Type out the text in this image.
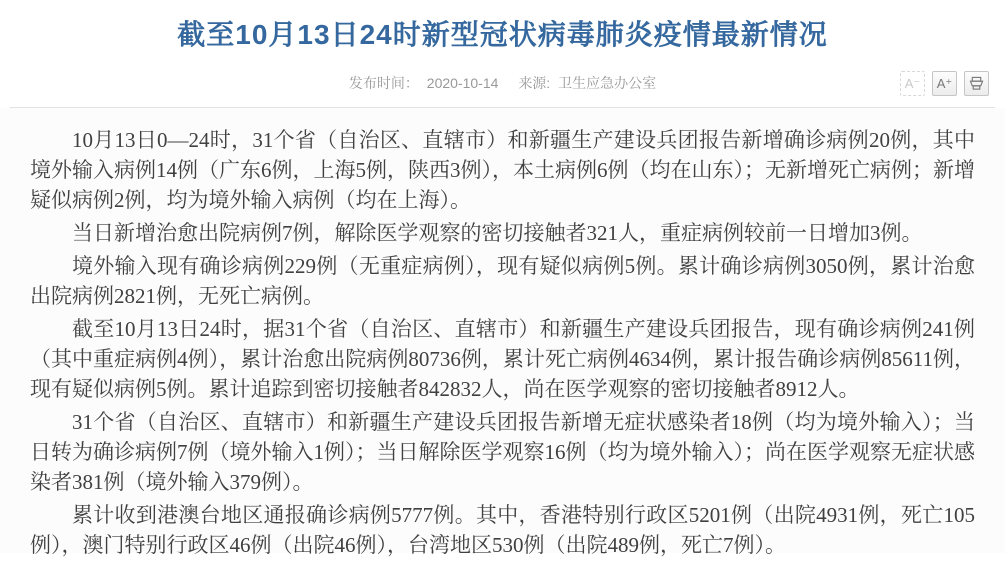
截至10月13日24时新型冠状病毒肺炎疫情最新情况
发布时间： 2020-10-14 来源: 卫生应急办公室	A⁻	A⁺

10月13日0—24时，31个省（自治区、直辖市）和新疆生产建设兵团报告新增确诊病例20例，其中境外输入病例14例（广东6例，上海5例，陕西3例），本土病例6例（均在山东）；无新增死亡病例；新增疑似病例2例，均为境外输入病例（均在上海）。

当日新增治愈出院病例7例，解除医学观察的密切接触者321人，重症病例较前一日增加3例。

境外输入现有确诊病例229例（无重症病例），现有疑似病例5例。累计确诊病例3050例，累计治愈出院病例2821例，无死亡病例。

截至10月13日24时，据31个省（自治区、直辖市）和新疆生产建设兵团报告，现有确诊病例241例（其中重症病例4例），累计治愈出院病例80736例，累计死亡病例4634例，累计报告确诊病例85611例，现有疑似病例5例。累计追踪到密切接触者842832人，尚在医学观察的密切接触者8912人。

31个省（自治区、直辖市）和新疆生产建设兵团报告新增无症状感染者18例（均为境外输入）；当日转为确诊病例7例（境外输入1例）；当日解除医学观察16例（均为境外输入）；尚在医学观察无症状感染者381例（境外输入379例）。

累计收到港澳台地区通报确诊病例5777例。其中，香港特别行政区5201例（出院4931例，死亡105例），澳门特别行政区46例（出院46例），台湾地区530例（出院489例，死亡7例）。
